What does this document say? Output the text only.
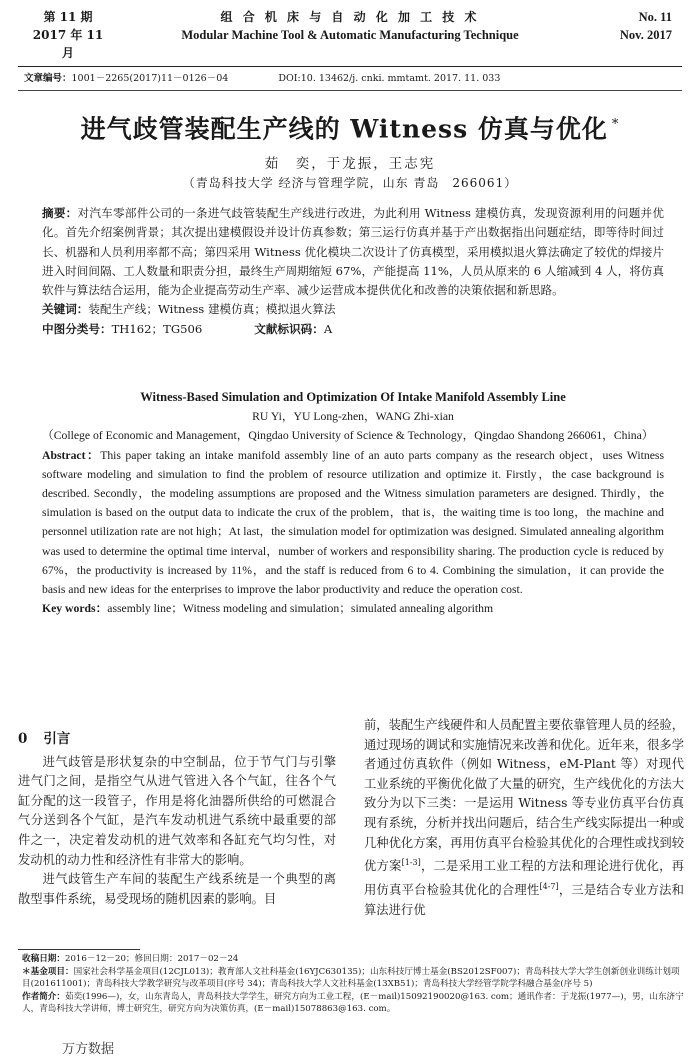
第 11 期
2017 年 11 月
组 合 机 床 与 自 动 化 加 工 技 术
Modular Machine Tool & Automatic Manufacturing Technique
No. 11
Nov. 2017
文章编号：1001－2265(2017)11－0126－04	DOI:10. 13462/j. cnki. mmtamt. 2017. 11. 033
进气歧管装配生产线的 Witness 仿真与优化 *
茹　奕，于龙振，王志宪
（青岛科技大学 经济与管理学院，山东 青岛　266061）
摘要：对汽车零部件公司的一条进气歧管装配生产线进行改进，为此利用 Witness 建模仿真，发现资源利用的问题并优化。首先介绍案例背景；其次提出建模假设并设计仿真参数；第三运行仿真并基于产出数据指出问题症结，即等待时间过长、机器和人员利用率都不高；第四采用 Witness 优化模块二次设计了仿真模型，采用模拟退火算法确定了较优的焊接片进入时间间隔、工人数量和职责分担，最终生产周期缩短 67%，产能提高 11%，人员从原来的 6 人缩减到 4 人，将仿真软件与算法结合运用，能为企业提高劳动生产率、减少运营成本提供优化和改善的决策依据和新思路。
关键词：装配生产线；Witness 建模仿真；模拟退火算法
中图分类号：TH162；TG506	文献标识码：A
Witness-Based Simulation and Optimization Of Intake Manifold Assembly Line
RU Yi，YU Long-zhen，WANG Zhi-xian
（College of Economic and Management，Qingdao University of Science & Technology，Qingdao Shandong 266061，China）
Abstract：This paper taking an intake manifold assembly line of an auto parts company as the research object，uses Witness software modeling and simulation to find the problem of resource utilization and optimize it. Firstly，the case background is described. Secondly，the modeling assumptions are proposed and the Witness simulation parameters are designed. Thirdly，the simulation is based on the output data to indicate the crux of the problem，that is，the waiting time is too long，the machine and personnel utilization rate are not high；At last，the simulation model for optimization was designed. Simulated annealing algorithm was used to determine the optimal time interval，number of workers and responsibility sharing. The production cycle is reduced by 67%，the productivity is increased by 11%，and the staff is reduced from 6 to 4. Combining the simulation，it can provide the basis and new ideas for the enterprises to improve the labor productivity and reduce the operation cost.
Key words：assembly line；Witness modeling and simulation；simulated annealing algorithm
0 引言
进气歧管是形状复杂的中空制品，位于节气门与引擎进气门之间，是指空气从进气管进入各个气缸，往各个气缸分配的这一段管子，作用是将化油器所供给的可燃混合气分送到各个气缸，是汽车发动机进气系统中最重要的部件之一，决定着发动机的进气效率和各缸充气均匀性，对发动机的动力性和经济性有非常大的影响。
进气歧管生产车间的装配生产线系统是一个典型的离散型事件系统，易受现场的随机因素的影响。目
前，装配生产线硬件和人员配置主要依靠管理人员的经验，通过现场的调试和实施情况来改善和优化。近年来，很多学者通过仿真软件（例如 Witness，eM-Plant 等）对现代工业系统的平衡优化做了大量的研究，生产线优化的方法大致分为以下三类：一是运用 Witness 等专业仿真平台仿真现有系统，分析并找出问题后，结合生产线实际提出一种或几种优化方案，再用仿真平台检验其优化的合理性或找到较优方案[1-3]，二是采用工业工程的方法和理论进行优化，再用仿真平台检验其优化的合理性[4-7]，三是结合专业方法和算法进行优
收稿日期：2016－12－20；修回日期：2017－02－24
＊基金项目：国家社会科学基金项目(12CJL013)；教育部人文社科基金(16YJC630135)；山东科技厅博士基金(BS2012SF007)；青岛科技大学大学生创新创业训练计划项目(201611001)；青岛科技大学教学研究与改革项目(序号 34)；青岛科技大学人文社科基金(13XB51)；青岛科技大学经管学院学科融合基金(序号 5)
作者简介：茹奕(1996—)，女，山东青岛人，青岛科技大学学生，研究方向为工业工程，(E－mail)15092190020@163. com；通讯作者：于龙振(1977—)，男，山东济宁人，青岛科技大学讲师，博士研究生，研究方向为决策仿真，(E－mail)15078863@163. com。
万方数据
